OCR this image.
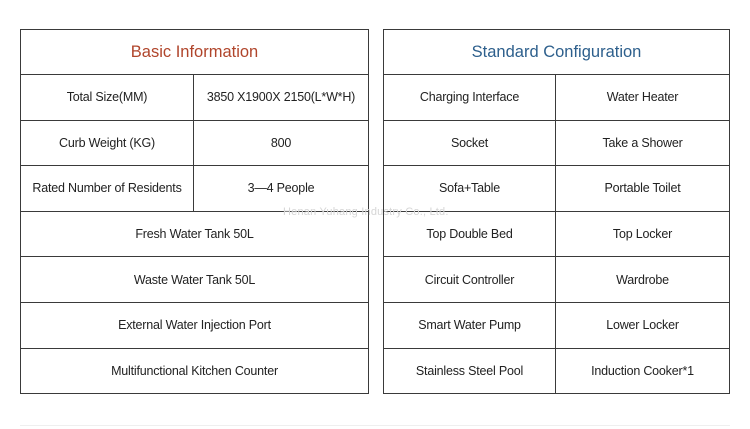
Basic Information	
Total Size(MM)	3850 X1900X 2150(L*W*H)
Curb Weight (KG)	800
Rated Number of Residents	3—4 People
Fresh Water Tank 50L	
Waste Water Tank 50L	
External Water Injection Port	
Multifunctional Kitchen Counter	
Standard Configuration	
Charging Interface	Water Heater
Socket	Take a Shower
Sofa+Table	Portable Toilet
Top Double Bed	Top Locker
Circuit Controller	Wardrobe
Smart Water Pump	Lower Locker
Stainless Steel Pool	Induction Cooker*1
Henan Yuhang Industry Co., Ltd.
